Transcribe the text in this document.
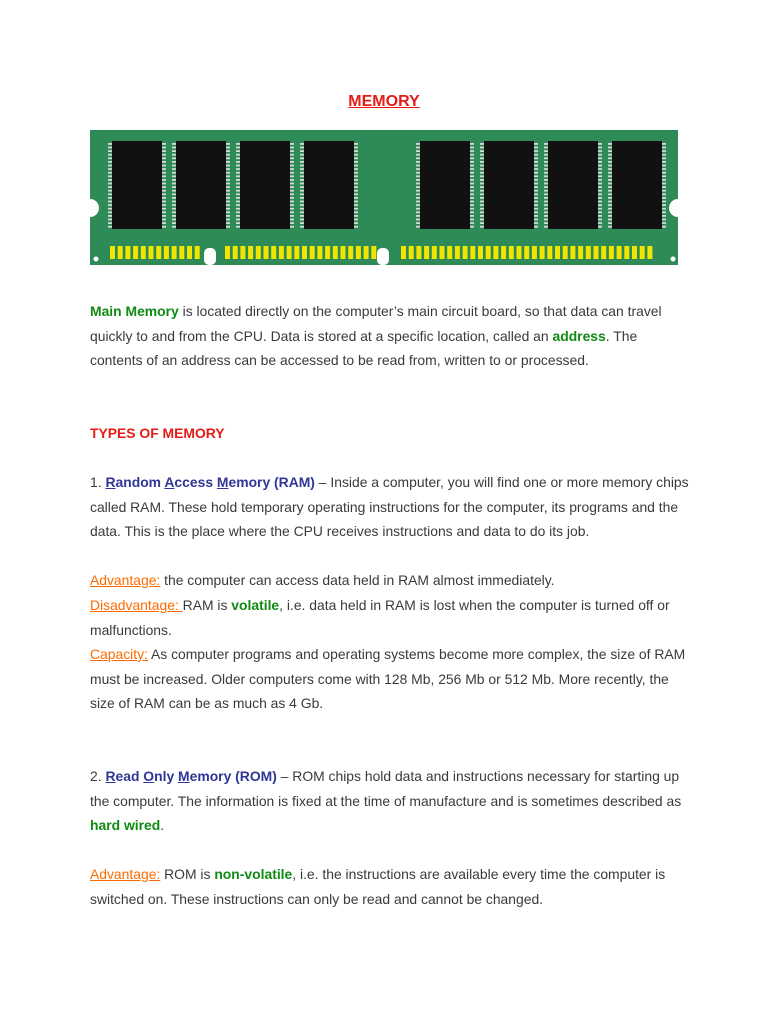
MEMORY

Main Memory is located directly on the computer’s main circuit board, so that data can travel quickly to and from the CPU. Data is stored at a specific location, called an address. The contents of an address can be accessed to be read from, written to or processed.

TYPES OF MEMORY

1. Random Access Memory (RAM) – Inside a computer, you will find one or more memory chips called RAM. These hold temporary operating instructions for the computer, its programs and the data. This is the place where the CPU receives instructions and data to do its job.

Advantage: the computer can access data held in RAM almost immediately.

Disadvantage: RAM is volatile, i.e. data held in RAM is lost when the computer is turned off or malfunctions.

Capacity: As computer programs and operating systems become more complex, the size of RAM must be increased. Older computers come with 128 Mb, 256 Mb or 512 Mb. More recently, the size of RAM can be as much as 4 Gb.

2. Read Only Memory (ROM) – ROM chips hold data and instructions necessary for starting up the computer. The information is fixed at the time of manufacture and is sometimes described as hard wired.

Advantage: ROM is non-volatile, i.e. the instructions are available every time the computer is switched on. These instructions can only be read and cannot be changed.
